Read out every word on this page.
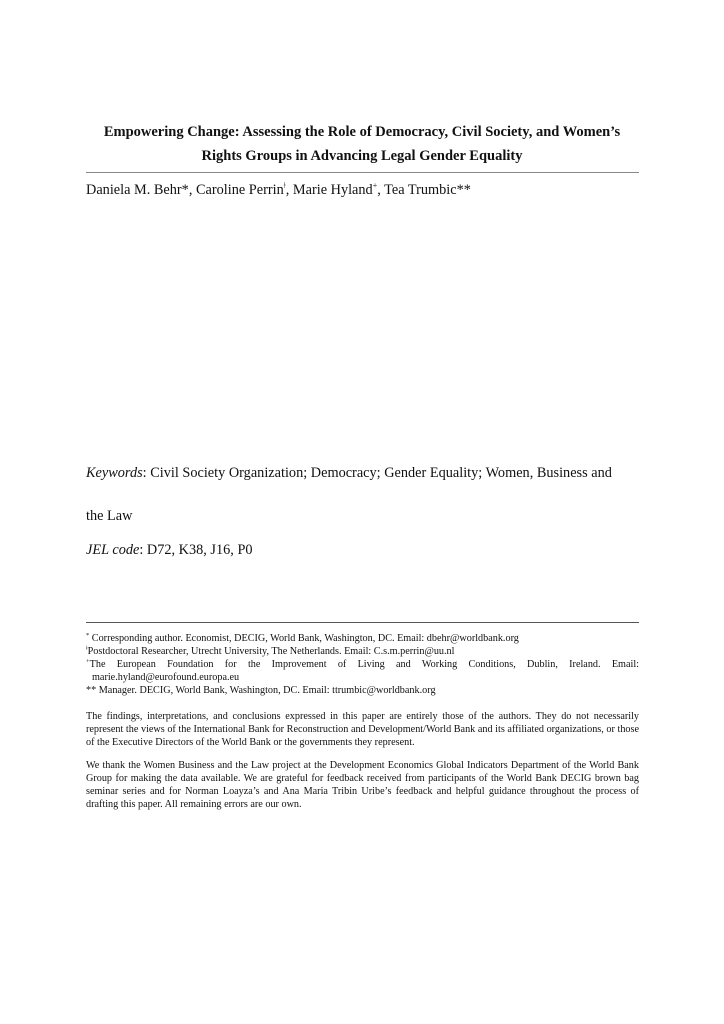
Empowering Change: Assessing the Role of Democracy, Civil Society, and Women’s
Rights Groups in Advancing Legal Gender Equality
Daniela M. Behr*, Caroline Perrin$^ǂ$, Marie Hyland+, Tea Trumbic**
Keywords: Civil Society Organization; Democracy; Gender Equality; Women, Business and
the Law
JEL code: D72, K38, J16, P0
* Corresponding author. Economist, DECIG, World Bank, Washington, DC. Email: dbehr@worldbank.org
$^ǂ$Postdoctoral Researcher, Utrecht University, The Netherlands. Email: C.s.m.perrin@uu.nl
+The European Foundation for the Improvement of Living and Working Conditions, Dublin, Ireland. Email:
marie.hyland@eurofound.europa.eu
** Manager. DECIG, World Bank, Washington, DC. Email: ttrumbic@worldbank.org
The findings, interpretations, and conclusions expressed in this paper are entirely those of the authors. They do not necessarily represent the views of the International Bank for Reconstruction and Development/World Bank and its affiliated organizations, or those of the Executive Directors of the World Bank or the governments they represent.
We thank the Women Business and the Law project at the Development Economics Global Indicators Department of the World Bank Group for making the data available. We are grateful for feedback received from participants of the World Bank DECIG brown bag seminar series and for Norman Loayza’s and Ana Maria Tribin Uribe’s feedback and helpful guidance throughout the process of drafting this paper. All remaining errors are our own.
